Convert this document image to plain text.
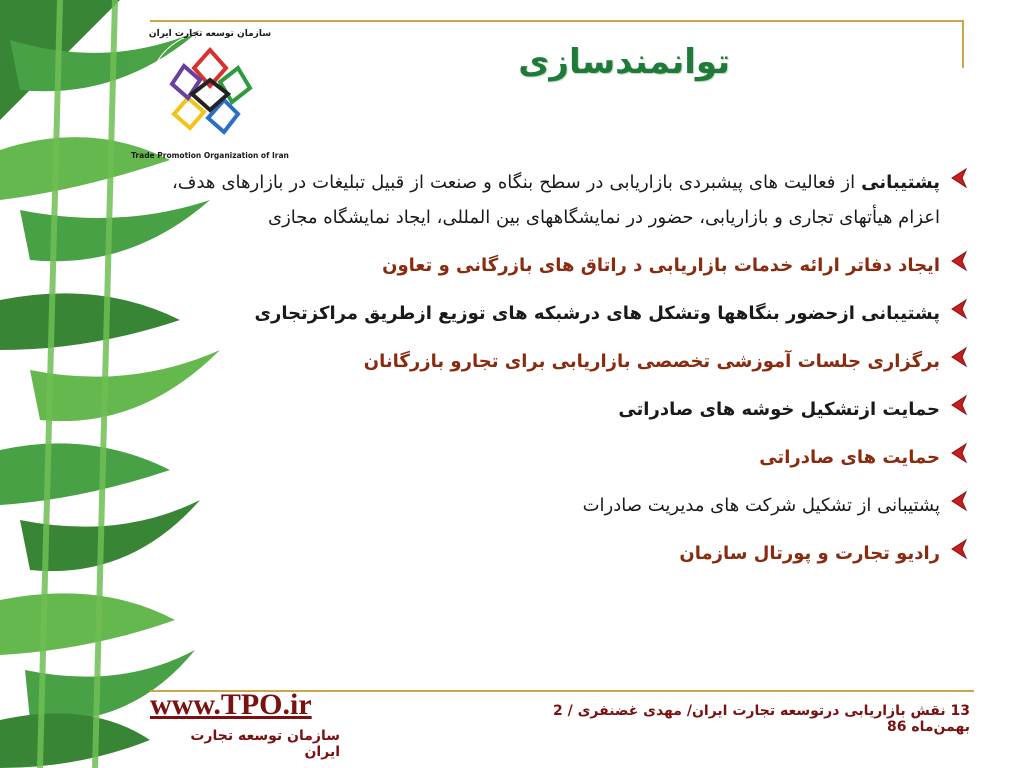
سازمان توسعه تجارت ایران
Trade Promotion Organization of Iran
توانمندسازی
پشتیبانی از فعالیت های پیشبردی بازاریابی در سطح بنگاه و صنعت از قبیل تبلیغات در بازارهای هدف، اعزام هیأتهای تجاری و بازاریابی، حضور در نمایشگاههای بین المللی، ایجاد نمایشگاه مجازی
ایجاد دفاتر ارائه خدمات بازاریابی د راتاق های بازرگانی و تعاون
پشتیبانی ازحضور بنگاهها وتشکل های درشبکه های توزیع ازطریق مراکزتجاری
برگزاری جلسات آموزشی تخصصی بازاریابی برای تجارو بازرگانان
حمایت ازتشکیل خوشه های صادراتی
حمایت های صادراتی
پشتیبانی از تشکیل شرکت های مدیریت صادرات
رادیو تجارت و پورتال سازمان
www.TPO.ir
سازمان توسعه تجارت ایران
13 نقش بازاریابی درتوسعه تجارت ایران/ مهدی غضنفری / 2 بهمن‌ماه 86
